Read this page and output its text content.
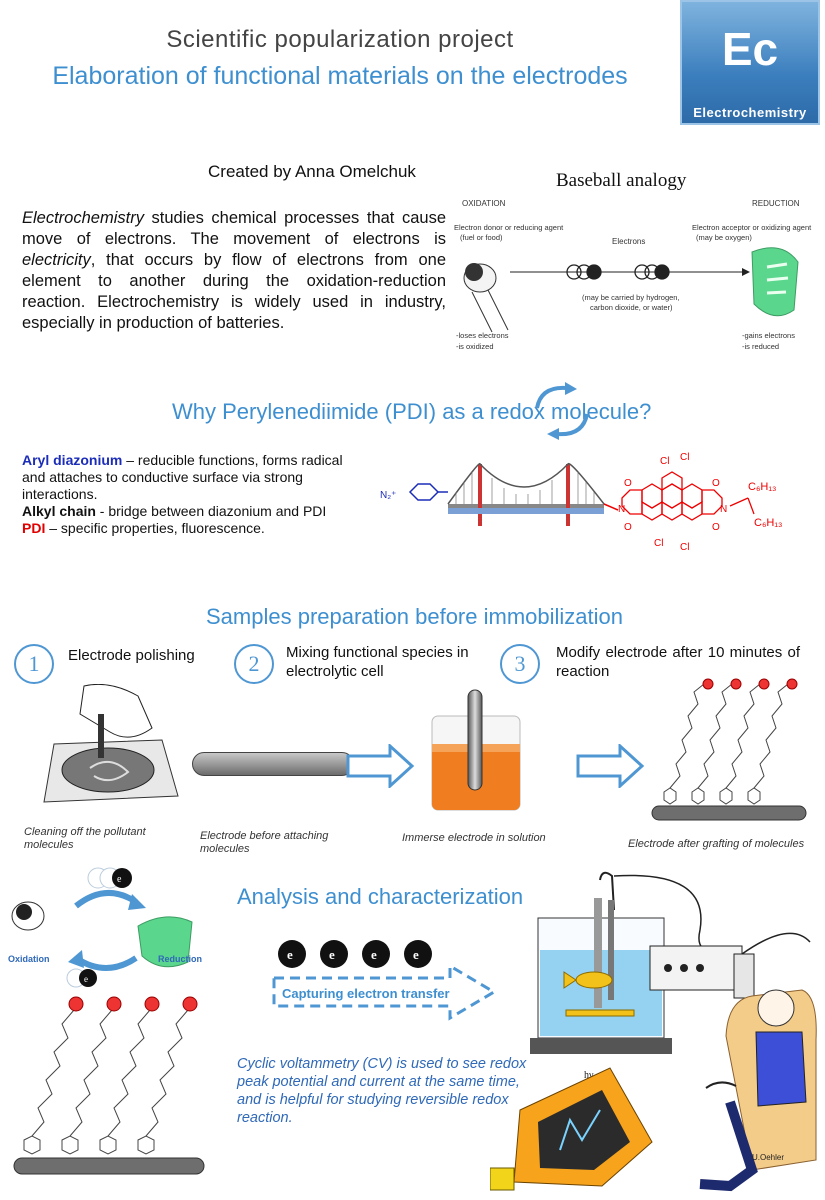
Scientific popularization project
Elaboration of functional materials on the electrodes
Ec
Electrochemistry
Created by Anna Omelchuk
Electrochemistry studies chemical processes that cause move of electrons. The movement of electrons is electricity, that occurs by flow of electrons from one element to another during the oxidation-reduction reaction. Electrochemistry is widely used in industry, especially in production of batteries.
Baseball analogy
OXIDATION	REDUCTION
Electron donor or reducing agent
(fuel or food)
Electron acceptor or oxidizing agent
(may be oxygen)
Electrons
(may be carried by hydrogen,
carbon dioxide, or water)
-loses electrons
-is oxidized
-gains electrons
-is reduced
Why Perylenediimide (PDI) as a redox molecule?
Aryl diazonium – reducible functions, forms radical and attaches to conductive surface via strong interactions.
Alkyl chain - bridge between diazonium and PDI
PDI – specific properties, fluorescence.
N₂⁺
N	N
O
O
O
O
Cl Cl
Cl Cl
C₆H₁₃
C₆H₁₃
Samples preparation before immobilization
1	Electrode polishing	2	Mixing functional species in electrolytic cell	3	Modify electrode after 10 minutes of reaction
Cleaning off the pollutant molecules
Electrode before attaching molecules
Immerse electrode in solution	Electrode after grafting of molecules
Analysis and characterization
e
e
Oxidation	Reduction	e	e	e	e
Capturing electron transfer
Cyclic voltammetry (CV) is used to see redox peak potential and current at the same time, and is helpful for studying reversible redox reaction.
hν
U.Oehler
